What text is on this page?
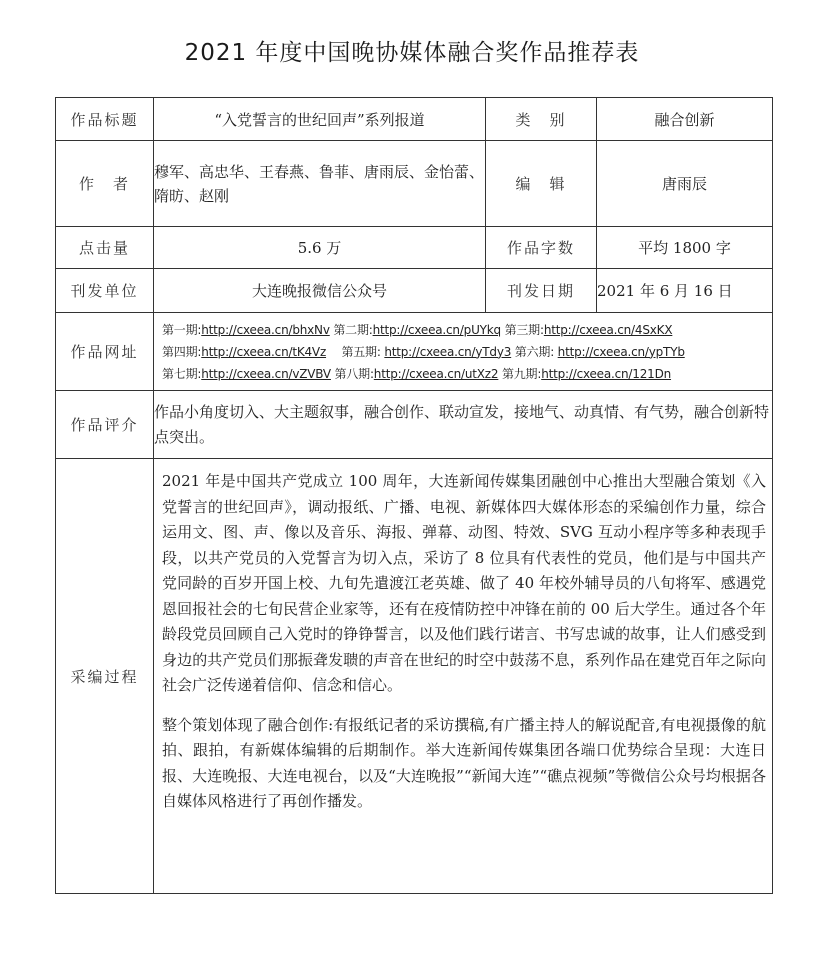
2021 年度中国晚协媒体融合奖作品推荐表
作品标题	“入党誓言的世纪回声”系列报道	类　别	融合创新
作　者	穆军、高忠华、王春燕、鲁菲、唐雨辰、金怡蕾、隋昉、赵刚	编　辑	唐雨辰
点击量	5.6 万	作品字数	平均 1800 字
刊发单位	大连晚报微信公众号	刊发日期	2021 年 6 月 16 日
作品网址	第一期:http://cxeea.cn/bhxNv 第二期:http://cxeea.cn/pUYkq 第三期:http://cxeea.cn/4SxKX
第四期:http://cxeea.cn/tK4Vz　 第五期: http://cxeea.cn/yTdy3 第六期: http://cxeea.cn/ypTYb
第七期:http://cxeea.cn/vZVBV 第八期:http://cxeea.cn/utXz2 第九期:http://cxeea.cn/121Dn		

作品评介	作品小角度切入、大主题叙事，融合创作、联动宣发，接地气、动真情、有气势，融合创新特点突出。		
采编过程	2021 年是中国共产党成立 100 周年，大连新闻传媒集团融创中心推出大型融合策划《入党誓言的世纪回声》，调动报纸、广播、电视、新媒体四大媒体形态的采编创作力量，综合运用文、图、声、像以及音乐、海报、弹幕、动图、特效、SVG 互动小程序等多种表现手段，以共产党员的入党誓言为切入点，采访了 8 位具有代表性的党员，他们是与中国共产党同龄的百岁开国上校、九旬先遣渡江老英雄、做了 40 年校外辅导员的八旬将军、感遇党恩回报社会的七旬民营企业家等，还有在疫情防控中冲锋在前的 00 后大学生。通过各个年龄段党员回顾自己入党时的铮铮誓言，以及他们践行诺言、书写忠诚的故事，让人们感受到身边的共产党员们那振聋发聩的声音在世纪的时空中鼓荡不息，系列作品在建党百年之际向社会广泛传递着信仰、信念和信心。

整个策划体现了融合创作:有报纸记者的采访撰稿,有广播主持人的解说配音,有电视摄像的航拍、跟拍，有新媒体编辑的后期制作。举大连新闻传媒集团各端口优势综合呈现：大连日报、大连晚报、大连电视台，以及“大连晚报”“新闻大连”“礁点视频”等微信公众号均根据各自媒体风格进行了再创作播发。		
